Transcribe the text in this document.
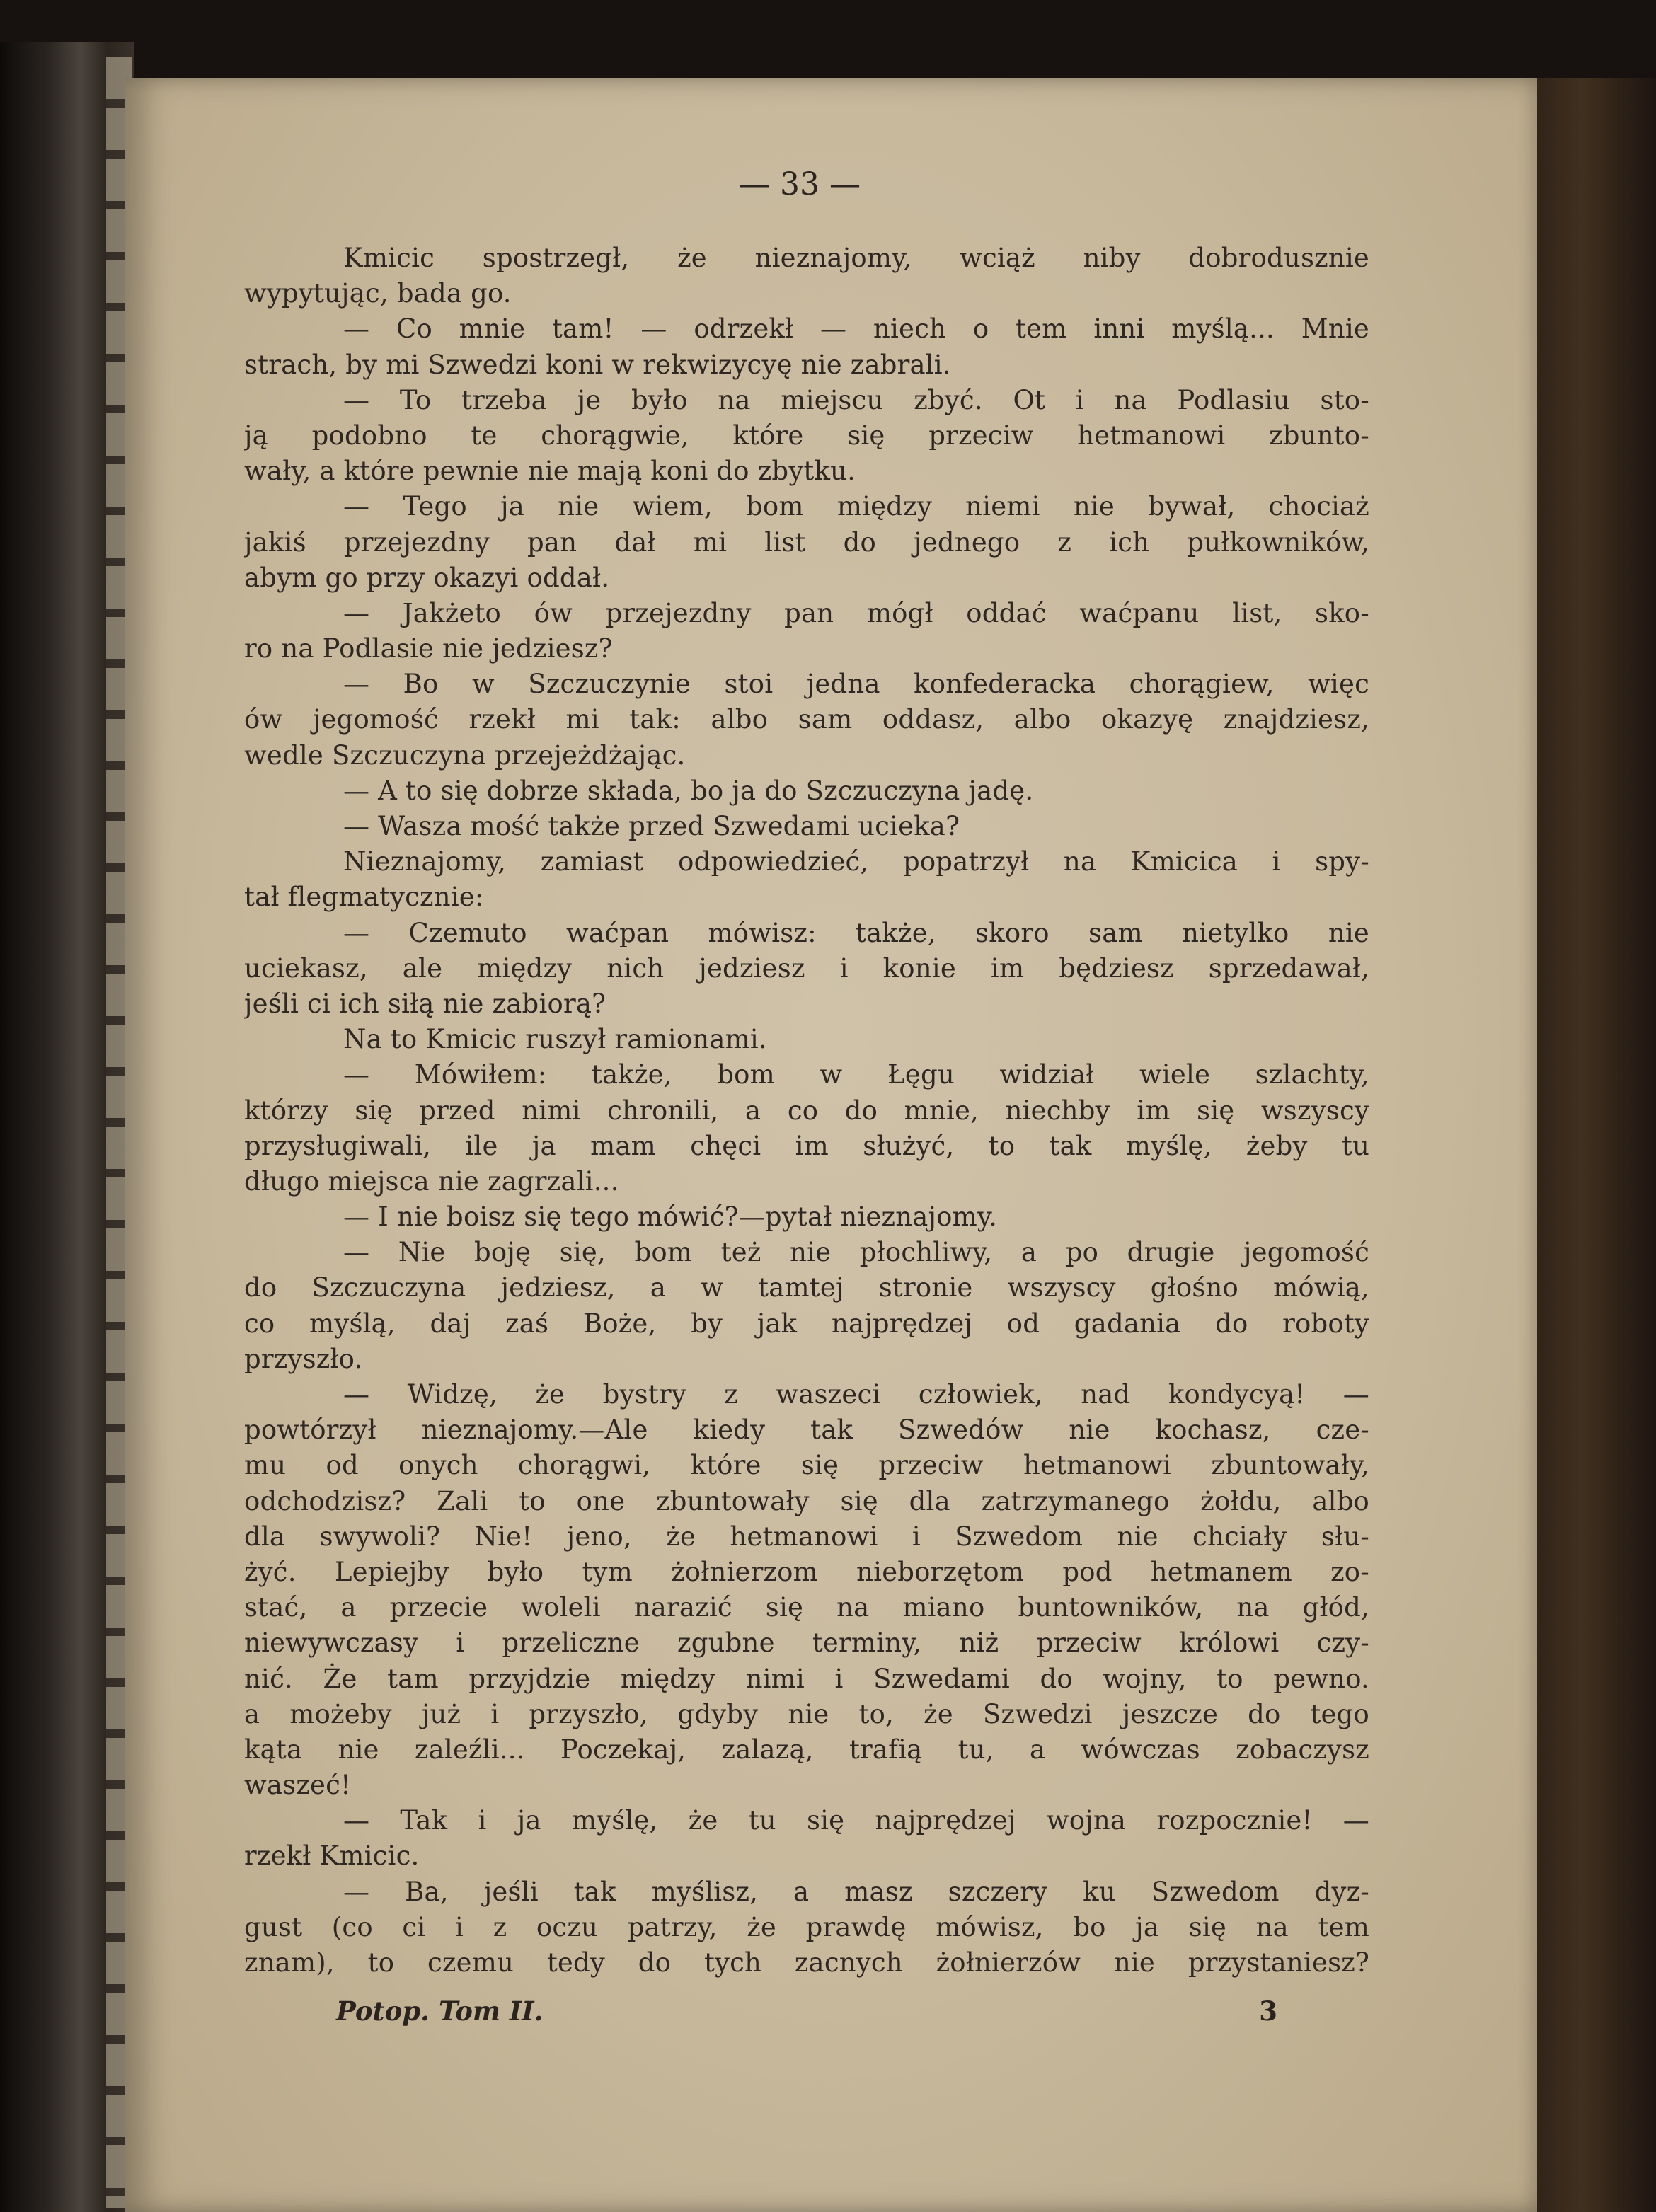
— 33 —
Kmicic spostrzegł, że nieznajomy, wciąż niby dobrodusznie
wypytując, bada go.
— Co mnie tam! — odrzekł — niech o tem inni myślą... Mnie
strach, by mi Szwedzi koni w rekwizycyę nie zabrali.
— To trzeba je było na miejscu zbyć. Ot i na Podlasiu sto-
ją podobno te chorągwie, które się przeciw hetmanowi zbunto-
wały, a które pewnie nie mają koni do zbytku.
— Tego ja nie wiem, bom między niemi nie bywał, chociaż
jakiś przejezdny pan dał mi list do jednego z ich pułkowników,
abym go przy okazyi oddał.
— Jakżeto ów przejezdny pan mógł oddać waćpanu list, sko-
ro na Podlasie nie jedziesz?
— Bo w Szczuczynie stoi jedna konfederacka chorągiew, więc
ów jegomość rzekł mi tak: albo sam oddasz, albo okazyę znajdziesz,
wedle Szczuczyna przejeżdżając.
— A to się dobrze składa, bo ja do Szczuczyna jadę.
— Wasza mość także przed Szwedami ucieka?
Nieznajomy, zamiast odpowiedzieć, popatrzył na Kmicica i spy-
tał flegmatycznie:
— Czemuto waćpan mówisz: także, skoro sam nietylko nie
uciekasz, ale między nich jedziesz i konie im będziesz sprzedawał,
jeśli ci ich siłą nie zabiorą?
Na to Kmicic ruszył ramionami.
— Mówiłem: także, bom w Łęgu widział wiele szlachty,
którzy się przed nimi chronili, a co do mnie, niechby im się wszyscy
przysługiwali, ile ja mam chęci im służyć, to tak myślę, żeby tu
długo miejsca nie zagrzali...
— I nie boisz się tego mówić?—pytał nieznajomy.
— Nie boję się, bom też nie płochliwy, a po drugie jegomość
do Szczuczyna jedziesz, a w tamtej stronie wszyscy głośno mówią,
co myślą, daj zaś Boże, by jak najprędzej od gadania do roboty
przyszło.
— Widzę, że bystry z waszeci człowiek, nad kondycyą! —
powtórzył nieznajomy.—Ale kiedy tak Szwedów nie kochasz, cze-
mu od onych chorągwi, które się przeciw hetmanowi zbuntowały,
odchodzisz? Zali to one zbuntowały się dla zatrzymanego żołdu, albo
dla swywoli? Nie! jeno, że hetmanowi i Szwedom nie chciały słu-
żyć. Lepiejby było tym żołnierzom nieborzętom pod hetmanem zo-
stać, a przecie woleli narazić się na miano buntowników, na głód,
niewywczasy i przeliczne zgubne terminy, niż przeciw królowi czy-
nić. Że tam przyjdzie między nimi i Szwedami do wojny, to pewno.
a możeby już i przyszło, gdyby nie to, że Szwedzi jeszcze do tego
kąta nie zaleźli... Poczekaj, zalazą, trafią tu, a wówczas zobaczysz
waszeć!
— Tak i ja myślę, że tu się najprędzej wojna rozpocznie! —
rzekł Kmicic.
— Ba, jeśli tak myślisz, a masz szczery ku Szwedom dyz-
gust (co ci i z oczu patrzy, że prawdę mówisz, bo ja się na tem
znam), to czemu tedy do tych zacnych żołnierzów nie przystaniesz?
Potop. Tom II.	3
